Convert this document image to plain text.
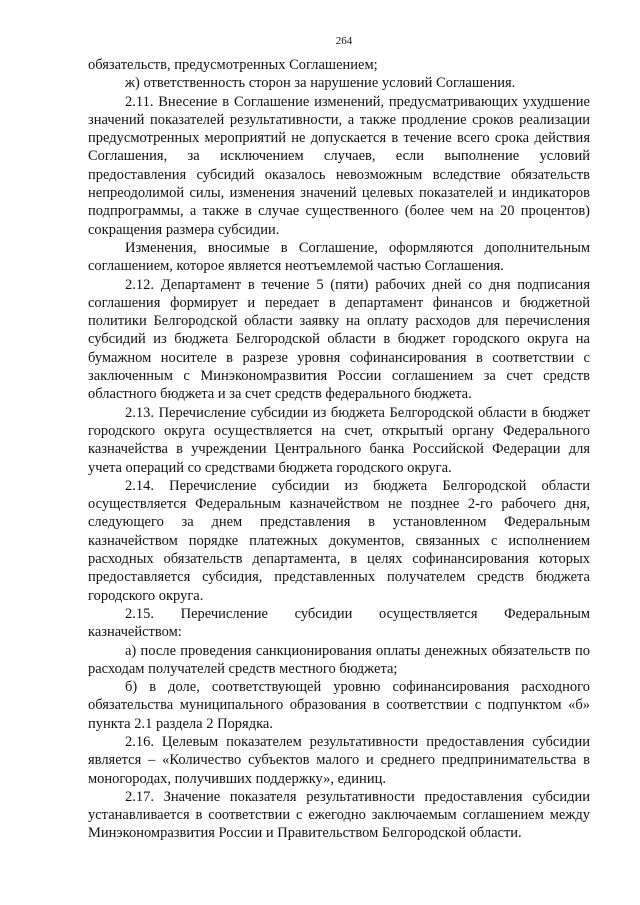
264

обязательств, предусмотренных Соглашением;

ж) ответственность сторон за нарушение условий Соглашения.

2.11. Внесение в Соглашение изменений, предусматривающих ухудшение значений показателей результативности, а также продление сроков реализации предусмотренных мероприятий не допускается в течение всего срока действия Соглашения, за исключением случаев, если выполнение условий предоставления субсидий оказалось невозможным вследствие обязательств непреодолимой силы, изменения значений целевых показателей и индикаторов подпрограммы, а также в случае существенного (более чем на 20 процентов) сокращения размера субсидии.

Изменения, вносимые в Соглашение, оформляются дополнительным соглашением, которое является неотъемлемой частью Соглашения.

2.12. Департамент в течение 5 (пяти) рабочих дней со дня подписания соглашения формирует и передает в департамент финансов и бюджетной политики Белгородской области заявку на оплату расходов для перечисления субсидий из бюджета Белгородской области в бюджет городского округа на бумажном носителе в разрезе уровня софинансирования в соответствии с заключенным с Минэкономразвития России соглашением за счет средств областного бюджета и за счет средств федерального бюджета.

2.13. Перечисление субсидии из бюджета Белгородской области в бюджет городского округа осуществляется на счет, открытый органу Федерального казначейства в учреждении Центрального банка Российской Федерации для учета операций со средствами бюджета городского округа.

2.14. Перечисление субсидии из бюджета Белгородской области осуществляется Федеральным казначейством не позднее 2-го рабочего дня, следующего за днем представления в установленном Федеральным казначейством порядке платежных документов, связанных с исполнением расходных обязательств департамента, в целях софинансирования которых предоставляется субсидия, представленных получателем средств бюджета городского округа.

2.15. Перечисление субсидии осуществляется Федеральным казначейством:

а) после проведения санкционирования оплаты денежных обязательств по расходам получателей средств местного бюджета;

б) в доле, соответствующей уровню софинансирования расходного обязательства муниципального образования в соответствии с подпунктом «б» пункта 2.1 раздела 2 Порядка.

2.16. Целевым показателем результативности предоставления субсидии является – «Количество субъектов малого и среднего предпринимательства в моногородах, получивших поддержку», единиц.

2.17. Значение показателя результативности предоставления субсидии устанавливается в соответствии с ежегодно заключаемым соглашением между Минэкономразвития России и Правительством Белгородской области.
